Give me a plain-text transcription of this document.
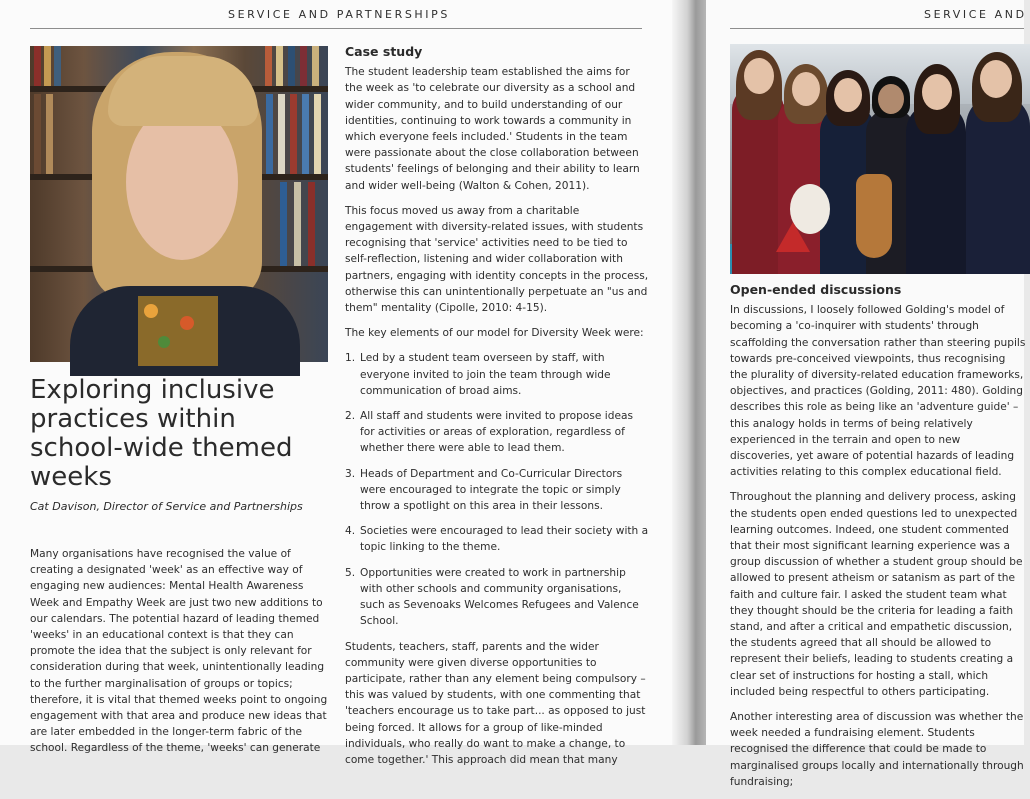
SERVICE AND PARTNERSHIPS
Exploring inclusive practices within school-wide themed weeks
Cat Davison, Director of Service and Partnerships
Many organisations have recognised the value of creating a designated 'week' as an effective way of engaging new audiences: Mental Health Awareness Week and Empathy Week are just two new additions to our calendars. The potential hazard of leading themed 'weeks' in an educational context is that they can promote the idea that the subject is only relevant for consideration during that week, unintentionally leading to the further marginalisation of groups or topics; therefore, it is vital that themed weeks point to ongoing engagement with that area and produce new ideas that are later embedded in the longer-term fabric of the school. Regardless of the theme, 'weeks' can generate
Case study

The student leadership team established the aims for the week as 'to celebrate our diversity as a school and wider community, and to build understanding of our identities, continuing to work towards a community in which everyone feels included.' Students in the team were passionate about the close collaboration between students' feelings of belonging and their ability to learn and wider well-being (Walton & Cohen, 2011).

This focus moved us away from a charitable engagement with diversity-related issues, with students recognising that 'service' activities need to be tied to self-reflection, listening and wider collaboration with partners, engaging with identity concepts in the process, otherwise this can unintentionally perpetuate an "us and them" mentality (Cipolle, 2010: 4-15).

The key elements of our model for Diversity Week were:

1. Led by a student team overseen by staff, with everyone invited to join the team through wide communication of broad aims.
2. All staff and students were invited to propose ideas for activities or areas of exploration, regardless of whether there were able to lead them.
3. Heads of Department and Co-Curricular Directors were encouraged to integrate the topic or simply throw a spotlight on this area in their lessons.
4. Societies were encouraged to lead their society with a topic linking to the theme.
5. Opportunities were created to work in partnership with other schools and community organisations, such as Sevenoaks Welcomes Refugees and Valence School.

Students, teachers, staff, parents and the wider community were given diverse opportunities to participate, rather than any element being compulsory – this was valued by students, with one commenting that 'teachers encourage us to take part... as opposed to just being forced. It allows for a group of like-minded individuals, who really do want to make a change, to come together.' This approach did mean that many

SERVICE AND
Open-ended discussions

In discussions, I loosely followed Golding's model of becoming a 'co-inquirer with students' through scaffolding the conversation rather than steering pupils towards pre-conceived viewpoints, thus recognising the plurality of diversity-related education frameworks, objectives, and practices (Golding, 2011: 480). Golding describes this role as being like an 'adventure guide' – this analogy holds in terms of being relatively experienced in the terrain and open to new discoveries, yet aware of potential hazards of leading activities relating to this complex educational field.

Throughout the planning and delivery process, asking the students open ended questions led to unexpected learning outcomes. Indeed, one student commented that their most significant learning experience was a group discussion of whether a student group should be allowed to present atheism or satanism as part of the faith and culture fair. I asked the student team what they thought should be the criteria for leading a faith stand, and after a critical and empathetic discussion, the students agreed that all should be allowed to represent their beliefs, leading to students creating a clear set of instructions for hosting a stall, which included being respectful to others participating.

Another interesting area of discussion was whether the week needed a fundraising element. Students recognised the difference that could be made to marginalised groups locally and internationally through fundraising;
